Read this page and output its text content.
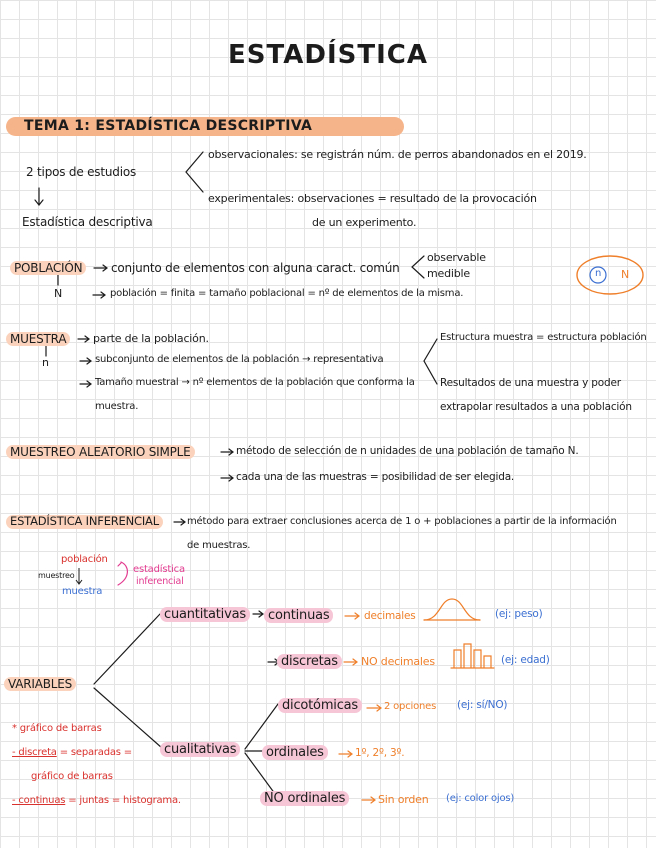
ESTADÍSTICA
TEMA 1: ESTADÍSTICA DESCRIPTIVA
2 tipos de estudios
Estadística descriptiva
observacionales: se registrán núm. de perros abandonados en el 2019.
experimentales: observaciones = resultado de la provocación
de un experimento.
POBLACIÓN
N
conjunto de elementos con alguna caract. común
observable
medible
población = finita = tamaño poblacional = nº de elementos de la misma.
n N
MUESTRA
n
parte de la población.
subconjunto de elementos de la población → representativa
Tamaño muestral → nº elementos de la población que conforma la
muestra.
Estructura muestra = estructura población
Resultados de una muestra y poder
extrapolar resultados a una población
MUESTREO ALEATORIO SIMPLE	método de selección de n unidades de una población de tamaño N.
cada una de las muestras = posibilidad de ser elegida.
ESTADÍSTICA INFERENCIAL	método para extraer conclusiones acerca de 1 o + poblaciones a partir de la información
de muestras.
población
muestreo
muestra
estadística
inferencial
VARIABLES
cuantitativas	continuas	decimales	(ej: peso)
discretas	NO decimales	(ej: edad)
cualitativas
dicotómicas	2 opciones (ej: sí/NO)
ordinales	1º, 2º, 3º.
NO ordinales	Sin orden (ej: color ojos)
* gráfico de barras
- discreta = separadas =
gráfico de barras
- continuas = juntas = histograma.
